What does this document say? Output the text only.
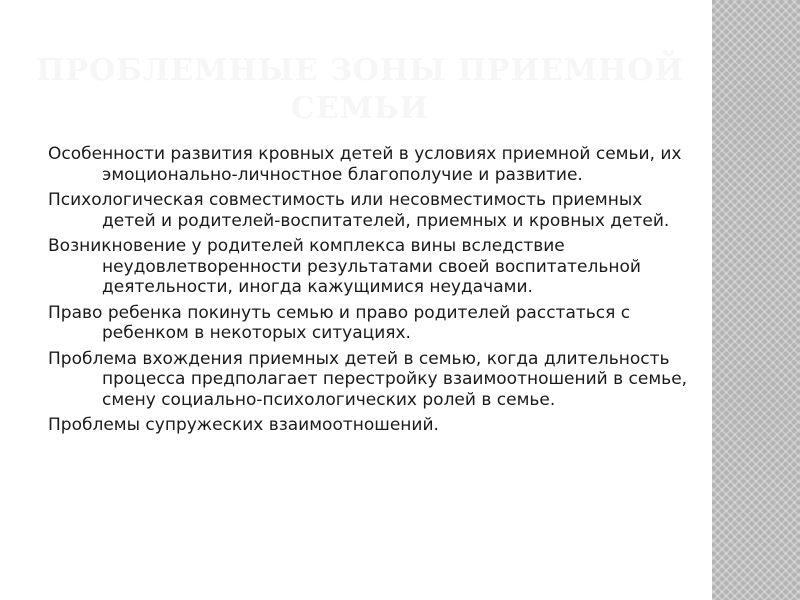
ПРОБЛЕМНЫЕ ЗОНЫ ПРИЕМНОЙ СЕМЬИ
Особенности развития кровных детей в условиях приемной семьи, их эмоционально-личностное благополучие и развитие.
Психологическая совместимость или несовместимость приемных детей и родителей-воспитателей, приемных и кровных детей.
Возникновение у родителей комплекса вины вследствие неудовлетворенности результатами своей воспитательной деятельности, иногда кажущимися неудачами.
Право ребенка покинуть семью и право родителей расстаться с ребенком в некоторых ситуациях.
Проблема вхождения приемных детей в семью, когда длительность процесса предполагает перестройку взаимоотношений в семье, смену социально-психологических ролей в семье.
Проблемы супружеских взаимоотношений.
